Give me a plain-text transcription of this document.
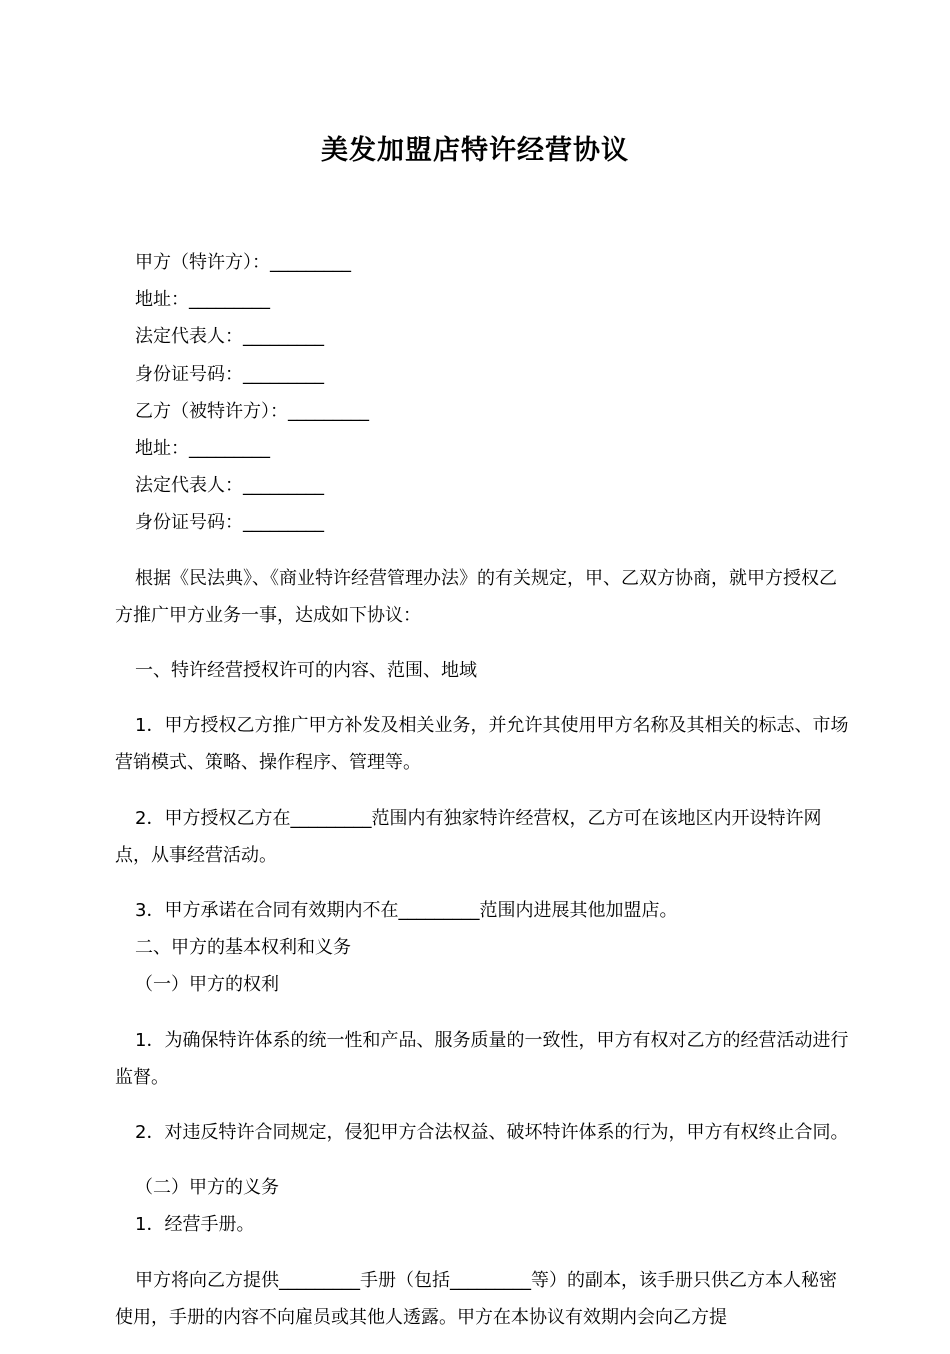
美发加盟店特许经营协议

甲方（特许方）：_________

地址：_________

法定代表人：_________

身份证号码：_________

乙方（被特许方）：_________

地址：_________

法定代表人：_________

身份证号码：_________

根据《民法典》、《商业特许经营管理办法》的有关规定，甲、乙双方协商，就甲方授权乙方推广甲方业务一事，达成如下协议：

一、特许经营授权许可的内容、范围、地域

1．甲方授权乙方推广甲方补发及相关业务，并允许其使用甲方名称及其相关的标志、市场营销模式、策略、操作程序、管理等。

2．甲方授权乙方在_________范围内有独家特许经营权，乙方可在该地区内开设特许网点，从事经营活动。

3．甲方承诺在合同有效期内不在_________范围内进展其他加盟店。

二、甲方的基本权利和义务

（一）甲方的权利

1．为确保特许体系的统一性和产品、服务质量的一致性，甲方有权对乙方的经营活动进行监督。

2．对违反特许合同规定，侵犯甲方合法权益、破坏特许体系的行为，甲方有权终止合同。

（二）甲方的义务

1．经营手册。

甲方将向乙方提供_________手册（包括_________等）的副本，该手册只供乙方本人秘密使用，手册的内容不向雇员或其他人透露。甲方在本协议有效期内会向乙方提
